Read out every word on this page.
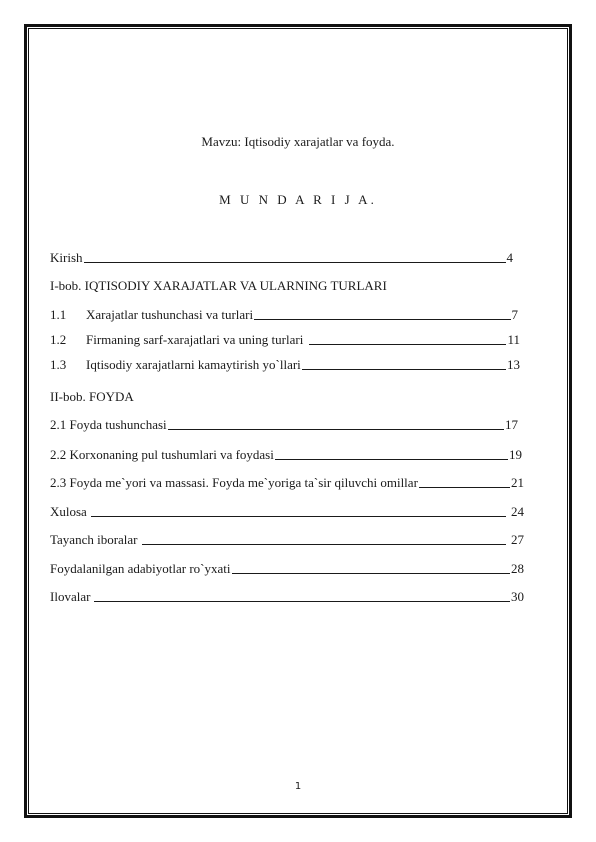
Mavzu: Iqtisodiy xarajatlar va foyda.
M U N D A R I J A.
Kirish	4
I-bob. IQTISODIY XARAJATLAR VA ULARNING TURLARI
1.1	Xarajatlar tushunchasi va turlari	7
1.2	Firmaning sarf-xarajatlari va uning turlari	11
1.3	Iqtisodiy xarajatlarni kamaytirish yo`llari	13
II-bob. FOYDA
2.1 Foyda tushunchasi	17
2.2 Korxonaning pul tushumlari va foydasi	19
2.3 Foyda me`yori va massasi. Foyda me`yoriga ta`sir qiluvchi omillar	21
Xulosa	24
Tayanch iboralar	27
Foydalanilgan adabiyotlar ro`yxati	28
Ilovalar	30
1
